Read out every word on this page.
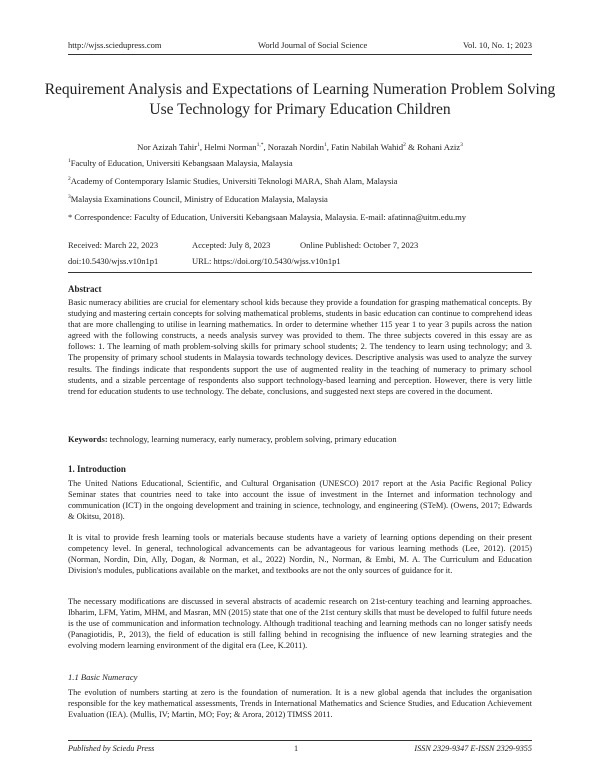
http://wjss.sciedupress.com	World Journal of Social Science	Vol. 10, No. 1; 2023
Requirement Analysis and Expectations of Learning Numeration Problem Solving Use Technology for Primary Education Children
Nor Azizah Tahir$^1$, Helmi Norman$^{1,*}$, Norazah Nordin$^1$, Fatin Nabilah Wahid$^2$ & Rohani Aziz$^3$
$^1$Faculty of Education, Universiti Kebangsaan Malaysia, Malaysia
$^2$Academy of Contemporary Islamic Studies, Universiti Teknologi MARA, Shah Alam, Malaysia
$^3$Malaysia Examinations Council, Ministry of Education Malaysia, Malaysia
* Correspondence: Faculty of Education, Universiti Kebangsaan Malaysia, Malaysia. E-mail: afatinna@uitm.edu.my
Received: March 22, 2023	Accepted: July 8, 2023	Online Published: October 7, 2023
doi:10.5430/wjss.v10n1p1	URL: https://doi.org/10.5430/wjss.v10n1p1
Abstract
Basic numeracy abilities are crucial for elementary school kids because they provide a foundation for grasping mathematical concepts. By studying and mastering certain concepts for solving mathematical problems, students in basic education can continue to comprehend ideas that are more challenging to utilise in learning mathematics. In order to determine whether 115 year 1 to year 3 pupils across the nation agreed with the following constructs, a needs analysis survey was provided to them. The three subjects covered in this essay are as follows: 1. The learning of math problem-solving skills for primary school students; 2. The tendency to learn using technology; and 3. The propensity of primary school students in Malaysia towards technology devices. Descriptive analysis was used to analyze the survey results. The findings indicate that respondents support the use of augmented reality in the teaching of numeracy to primary school students, and a sizable percentage of respondents also support technology-based learning and perception. However, there is very little trend for education students to use technology. The debate, conclusions, and suggested next steps are covered in the document.
Keywords: technology, learning numeracy, early numeracy, problem solving, primary education
1. Introduction
The United Nations Educational, Scientific, and Cultural Organisation (UNESCO) 2017 report at the Asia Pacific Regional Policy Seminar states that countries need to take into account the issue of investment in the Internet and information technology and communication (ICT) in the ongoing development and training in science, technology, and engineering (STeM). (Owens, 2017; Edwards & Okitsu, 2018).
It is vital to provide fresh learning tools or materials because students have a variety of learning options depending on their present competency level. In general, technological advancements can be advantageous for various learning methods (Lee, 2012). (2015) (Norman, Nordin, Din, Ally, Dogan, & Norman, et al., 2022) Nordin, N., Norman, & Embi, M. A. The Curriculum and Education Division's modules, publications available on the market, and textbooks are not the only sources of guidance for it.
The necessary modifications are discussed in several abstracts of academic research on 21st-century teaching and learning approaches. Ibharim, LFM, Yatim, MHM, and Masran, MN (2015) state that one of the 21st century skills that must be developed to fulfil future needs is the use of communication and information technology. Although traditional teaching and learning methods can no longer satisfy needs (Panagiotidis, P., 2013), the field of education is still falling behind in recognising the influence of new learning strategies and the evolving modern learning environment of the digital era (Lee, K.2011).
1.1 Basic Numeracy
The evolution of numbers starting at zero is the foundation of numeration. It is a new global agenda that includes the organisation responsible for the key mathematical assessments, Trends in International Mathematics and Science Studies, and Education Achievement Evaluation (IEA). (Mullis, IV; Martin, MO; Foy; & Arora, 2012) TIMSS 2011.
Published by Sciedu Press	1	ISSN 2329-9347 E-ISSN 2329-9355
